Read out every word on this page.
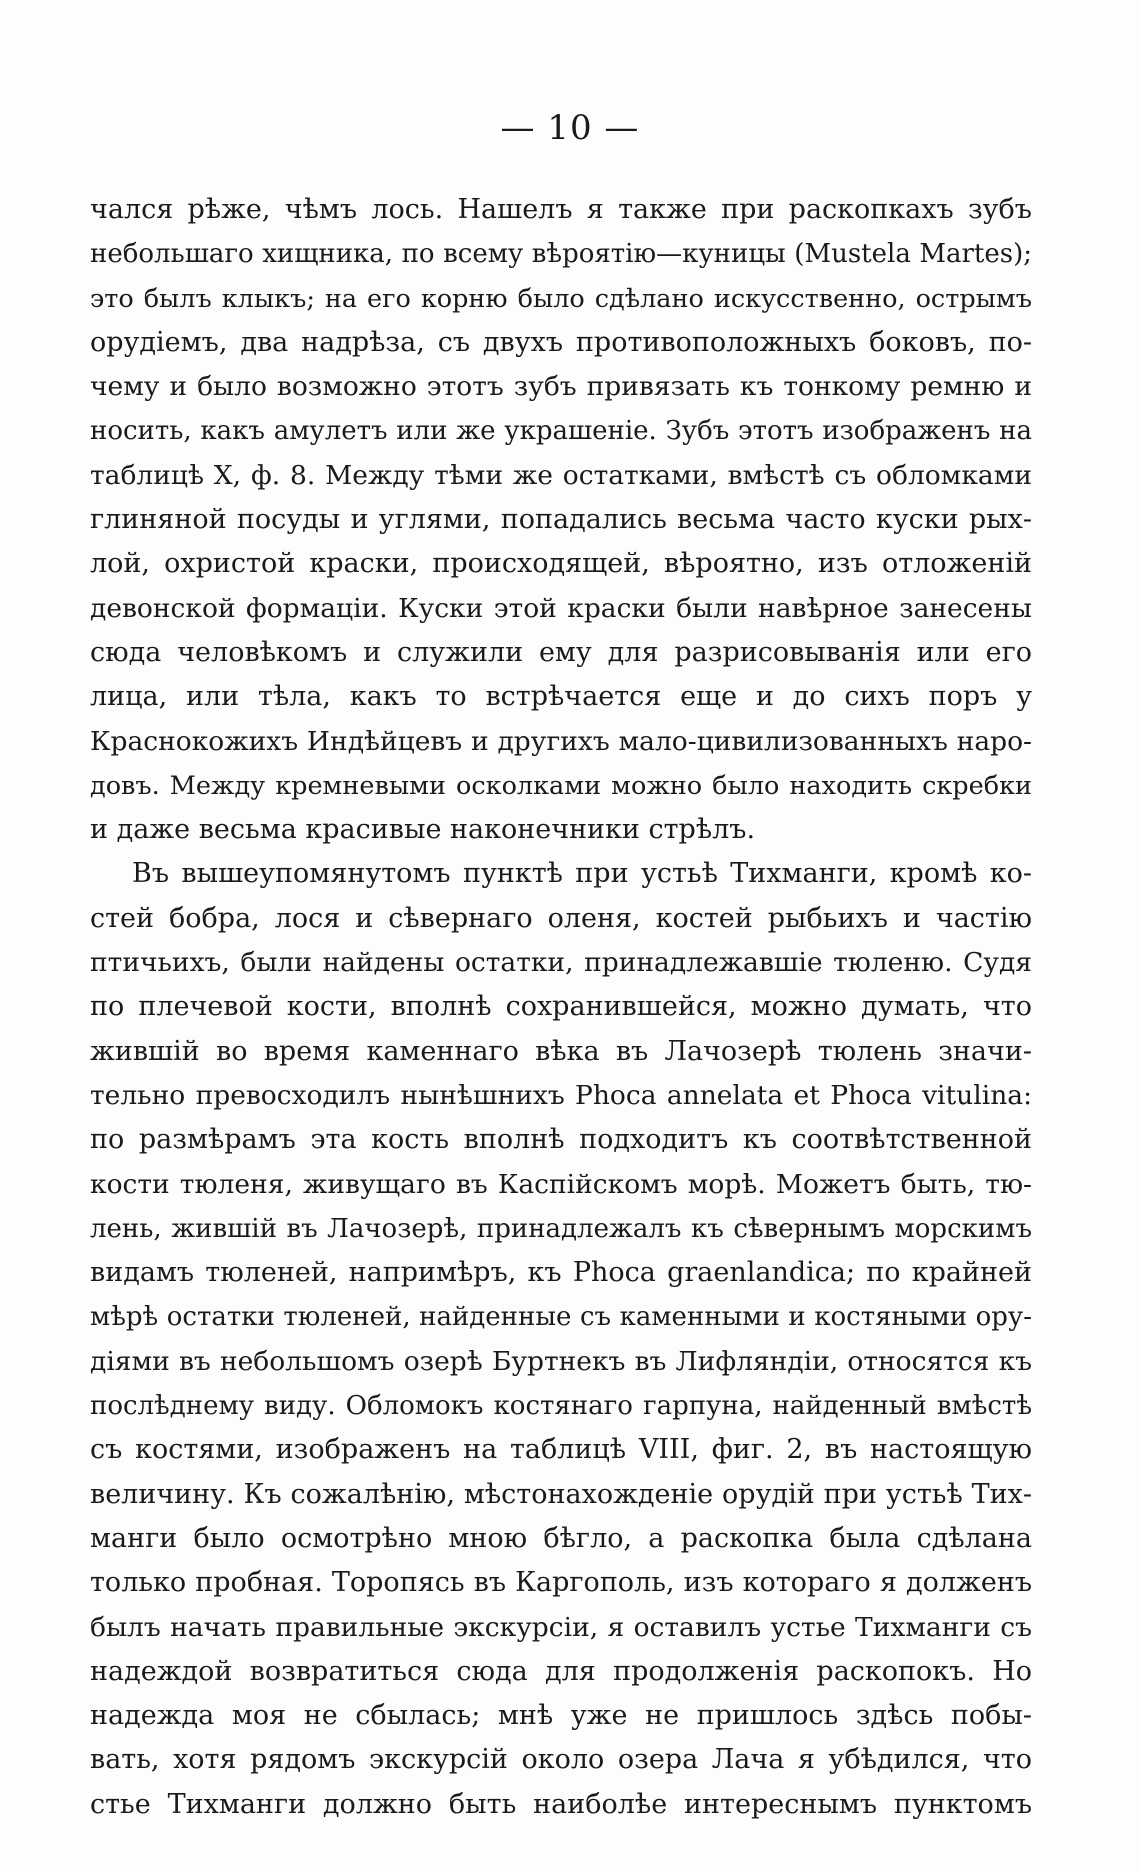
— 10 —
чался рѣже, чѣмъ лось. Нашелъ я также при раскопкахъ зубъ
небольшаго хищника, по всему вѣроятію—куницы (Mustela Martes);
это былъ клыкъ; на его корню было сдѣлано искусственно, острымъ
орудіемъ, два надрѣза, съ двухъ противоположныхъ боковъ, по-
чему и было возможно этотъ зубъ привязать къ тонкому ремню и
носить, какъ амулетъ или же украшеніе. Зубъ этотъ изображенъ на
таблицѣ X, ф. 8. Между тѣми же остатками, вмѣстѣ съ обломками
глиняной посуды и углями, попадались весьма часто куски рых-
лой, охристой краски, происходящей, вѣроятно, изъ отложеній
девонской формаціи. Куски этой краски были навѣрное занесены
сюда человѣкомъ и служили ему для разрисовыванія или его
лица, или тѣла, какъ то встрѣчается еще и до сихъ поръ у
Краснокожихъ Индѣйцевъ и другихъ мало-цивилизованныхъ наро-
довъ. Между кремневыми осколками можно было находить скребки
и даже весьма красивые наконечники стрѣлъ.
Въ вышеупомянутомъ пунктѣ при устьѣ Тихманги, кромѣ ко-
стей бобра, лося и сѣвернаго оленя, костей рыбьихъ и частію
птичьихъ, были найдены остатки, принадлежавшіе тюленю. Судя
по плечевой кости, вполнѣ сохранившейся, можно думать, что
жившій во время каменнаго вѣка въ Лачозерѣ тюлень значи-
тельно превосходилъ нынѣшнихъ Phoca annelata et Phoca vitulina:
по размѣрамъ эта кость вполнѣ подходитъ къ соотвѣтственной
кости тюленя, живущаго въ Каспійскомъ морѣ. Можетъ быть, тю-
лень, жившій въ Лачозерѣ, принадлежалъ къ сѣвернымъ морскимъ
видамъ тюленей, напримѣръ, къ Phoca graenlandica; по крайней
мѣрѣ остатки тюленей, найденные съ каменными и костяными ору-
діями въ небольшомъ озерѣ Буртнекъ въ Лифляндіи, относятся къ
послѣднему виду. Обломокъ костянаго гарпуна, найденный вмѣстѣ
съ костями, изображенъ на таблицѣ VIII, фиг. 2, въ настоящую
величину. Къ сожалѣнію, мѣстонахожденіе орудій при устьѣ Тих-
манги было осмотрѣно мною бѣгло, а раскопка была сдѣлана
только пробная. Торопясь въ Каргополь, изъ котораго я долженъ
былъ начать правильные экскурсіи, я оставилъ устье Тихманги съ
надеждой возвратиться сюда для продолженія раскопокъ. Но
надежда моя не сбылась; мнѣ уже не пришлось здѣсь побы-
вать, хотя рядомъ экскурсій около озера Лача я убѣдился, что
стье Тихманги должно быть наиболѣе интереснымъ пунктомъ
